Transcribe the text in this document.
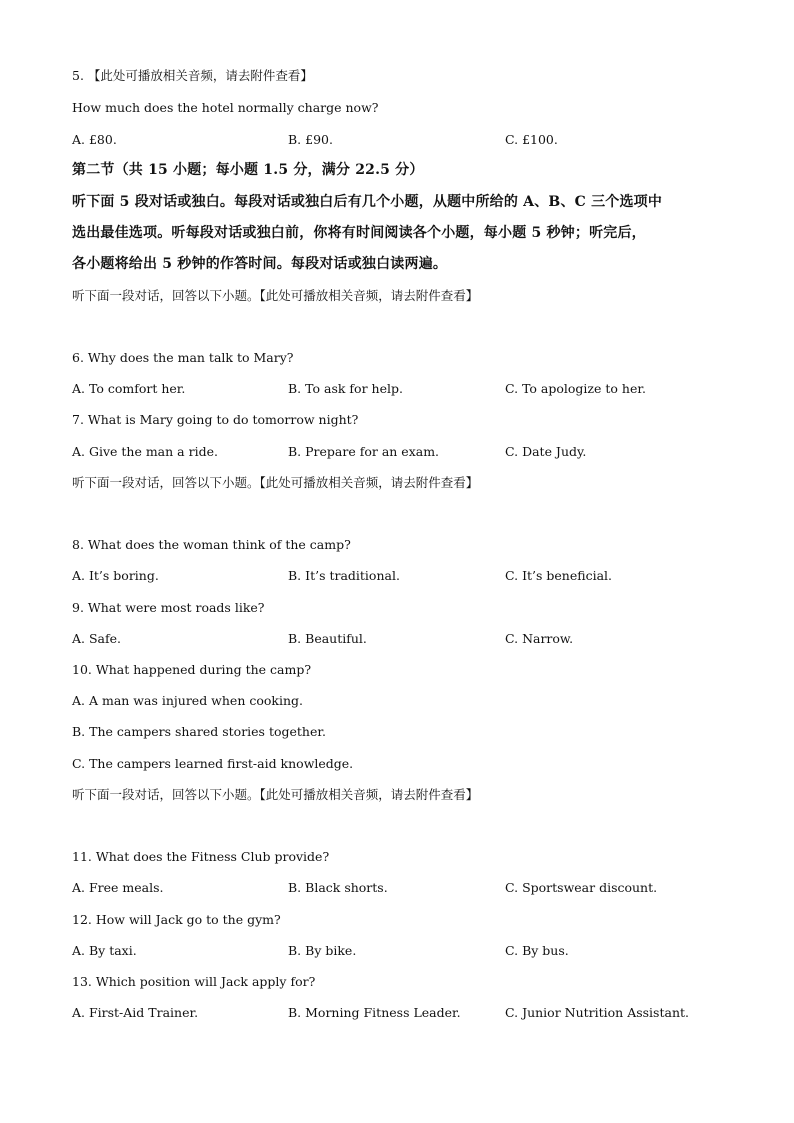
5. 【此处可播放相关音频，请去附件查看】
How much does the hotel normally charge now?
A. £80.	B. £90.	C. £100.
第二节（共 15 小题；每小题 1.5 分，满分 22.5 分）
听下面 5 段对话或独白。每段对话或独白后有几个小题，从题中所给的 A、B、C 三个选项中
选出最佳选项。听每段对话或独白前，你将有时间阅读各个小题，每小题 5 秒钟；听完后，
各小题将给出 5 秒钟的作答时间。每段对话或独白读两遍。
听下面一段对话，回答以下小题。【此处可播放相关音频，请去附件查看】
6. Why does the man talk to Mary?
A. To comfort her.	B. To ask for help.	C. To apologize to her.
7. What is Mary going to do tomorrow night?
A. Give the man a ride.	B. Prepare for an exam.	C. Date Judy.
听下面一段对话，回答以下小题。【此处可播放相关音频，请去附件查看】
8. What does the woman think of the camp?
A. It’s boring.	B. It’s traditional.	C. It’s beneficial.
9. What were most roads like?
A. Safe.	B. Beautiful.	C. Narrow.
10. What happened during the camp?
A. A man was injured when cooking.
B. The campers shared stories together.
C. The campers learned first-aid knowledge.
听下面一段对话，回答以下小题。【此处可播放相关音频，请去附件查看】
11. What does the Fitness Club provide?
A. Free meals.	B. Black shorts.	C. Sportswear discount.
12. How will Jack go to the gym?
A. By taxi.	B. By bike.	C. By bus.
13. Which position will Jack apply for?
A. First-Aid Trainer.	B. Morning Fitness Leader.	C. Junior Nutrition Assistant.
